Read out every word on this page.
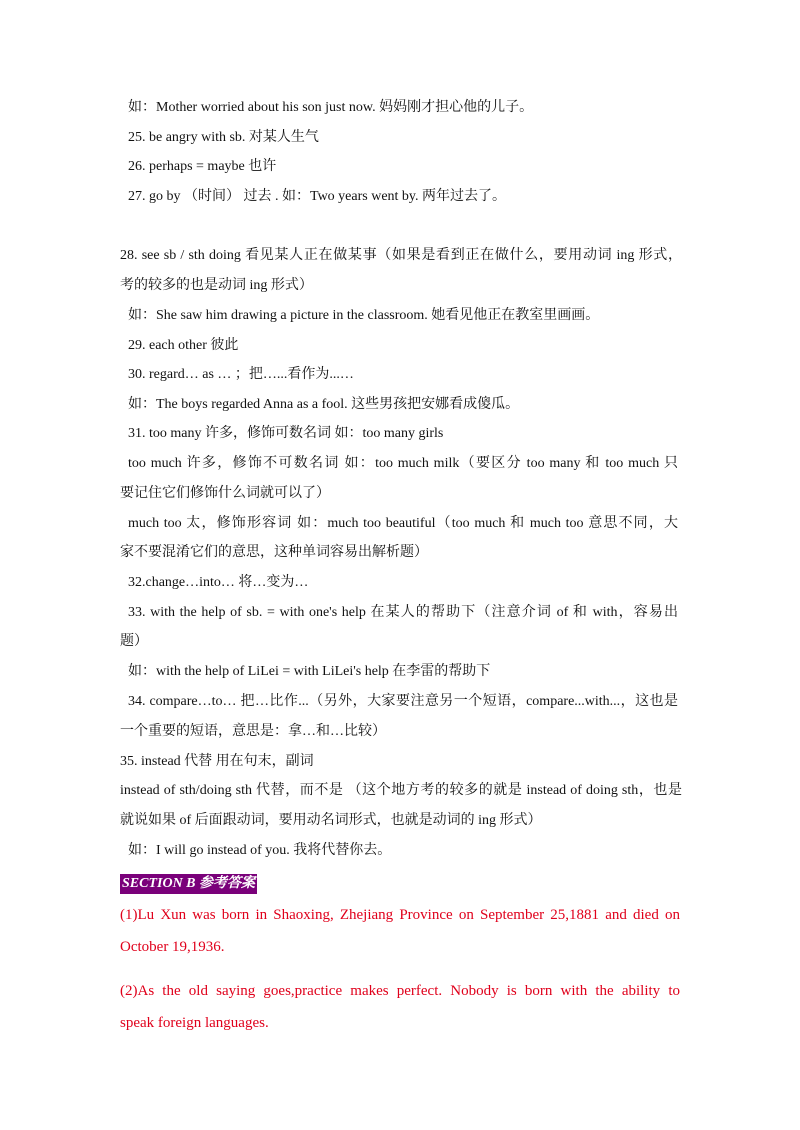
如：Mother worried about his son just now. 妈妈刚才担心他的儿子。
25. be angry with sb. 对某人生气
26. perhaps = maybe 也许
27. go by （时间） 过去 . 如：Two years went by. 两年过去了。
28. see sb / sth doing 看见某人正在做某事（如果是看到正在做什么，要用动词 ing 形式，
考的较多的也是动词 ing 形式）
如：She saw him drawing a picture in the classroom. 她看见他正在教室里画画。
29. each other 彼此
30. regard… as … ；把…...看作为...…
如：The boys regarded Anna as a fool. 这些男孩把安娜看成傻瓜。
31. too many 许多，修饰可数名词 如：too many girls
too much 许多，修饰不可数名词 如：too much milk（要区分 too many 和 too much 只
要记住它们修饰什么词就可以了）
much too 太，修饰形容词 如：much too beautiful（too much 和 much too 意思不同，大
家不要混淆它们的意思，这种单词容易出解析题）
32.change…into… 将…变为…
33. with the help of sb. = with one's help 在某人的帮助下（注意介词 of 和 with，容易出
题）
如：with the help of LiLei = with LiLei's help 在李雷的帮助下
34. compare…to… 把…比作...（另外，大家要注意另一个短语，compare...with...，这也是
一个重要的短语，意思是：拿…和…比较）
35. instead 代替 用在句末，副词
instead of sth/doing sth 代替，而不是 （这个地方考的较多的就是 instead of doing sth，也是
就说如果 of 后面跟动词，要用动名词形式，也就是动词的 ing 形式）
如：I will go instead of you. 我将代替你去。
SECTION B 参考答案
(1)Lu Xun was born in Shaoxing, Zhejiang Province on September 25,1881 and died on
October 19,1936.
(2)As the old saying goes,practice makes perfect. Nobody is born with the ability to
speak foreign languages.
